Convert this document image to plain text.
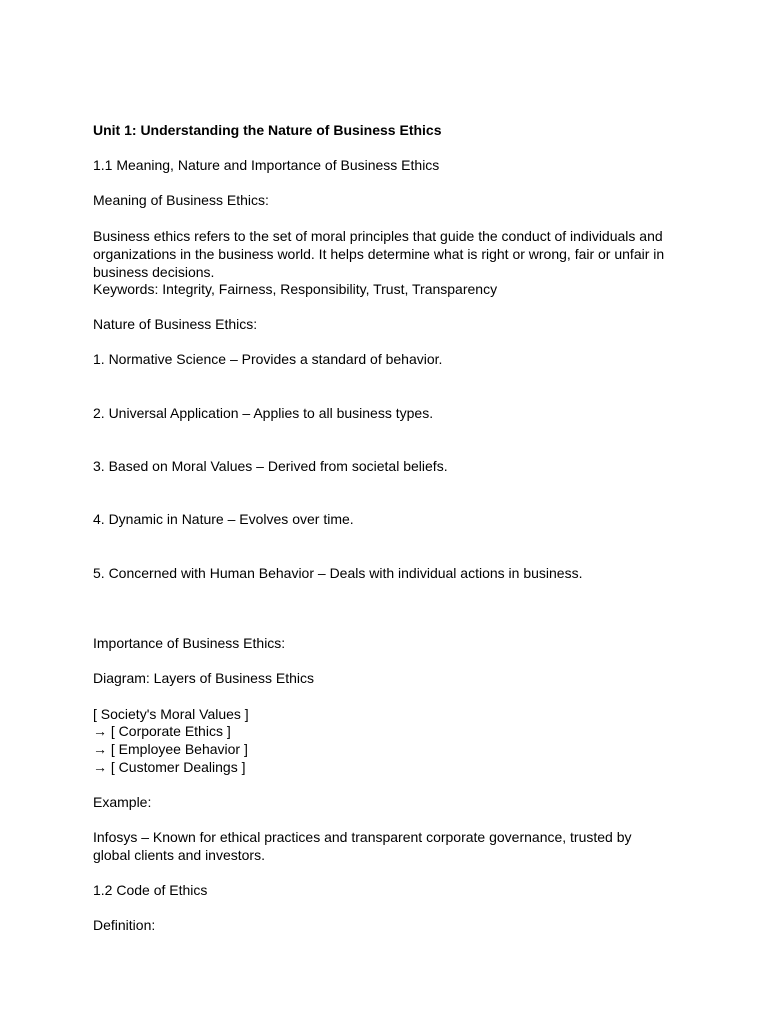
Unit 1: Understanding the Nature of Business Ethics

1.1 Meaning, Nature and Importance of Business Ethics

Meaning of Business Ethics:

Business ethics refers to the set of moral principles that guide the conduct of individuals and

organizations in the business world. It helps determine what is right or wrong, fair or unfair in

business decisions.

Keywords: Integrity, Fairness, Responsibility, Trust, Transparency

Nature of Business Ethics:

1. Normative Science – Provides a standard of behavior.

2. Universal Application – Applies to all business types.

3. Based on Moral Values – Derived from societal beliefs.

4. Dynamic in Nature – Evolves over time.

5. Concerned with Human Behavior – Deals with individual actions in business.

Importance of Business Ethics:

Diagram: Layers of Business Ethics

[ Society's Moral Values ]

→ [ Corporate Ethics ]

→ [ Employee Behavior ]

→ [ Customer Dealings ]

Example:

Infosys – Known for ethical practices and transparent corporate governance, trusted by

global clients and investors.

1.2 Code of Ethics

Definition:
